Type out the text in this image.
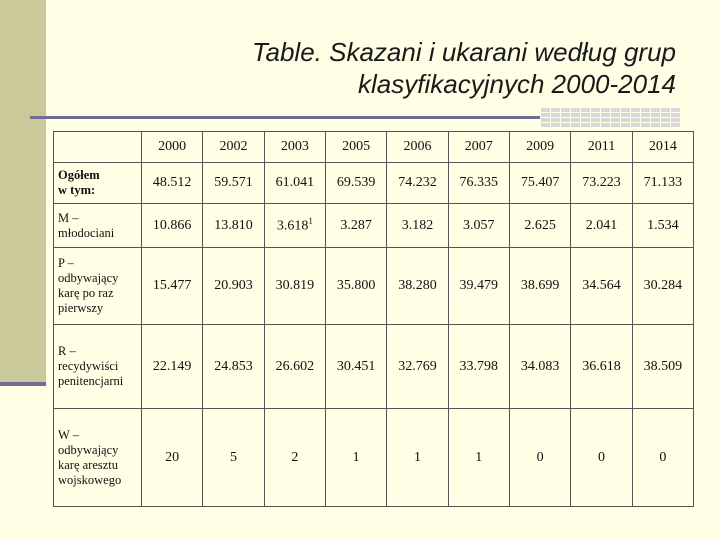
Table. Skazani i ukarani według grup
klasyfikacyjnych 2000-2014
	2000	2002	2003	2005	2006	2007	2009	2011	2014

Ogółem
w tym:	48.512	59.571	61.041	69.539	74.232	76.335	75.407	73.223	71.133

M –
młodociani	10.866	13.810	3.618$^1$	3.287	3.182	3.057	2.625	2.041	1.534

P –
odbywający
karę po raz
pierwszy	15.477	20.903	30.819	35.800	38.280	39.479	38.699	34.564	30.284

R –
recydywiści
penitencjarni	22.149	24.853	26.602	30.451	32.769	33.798	34.083	36.618	38.509

W –
odbywający
karę aresztu
wojskowego	20	5	2	1	1	1	0	0	0
